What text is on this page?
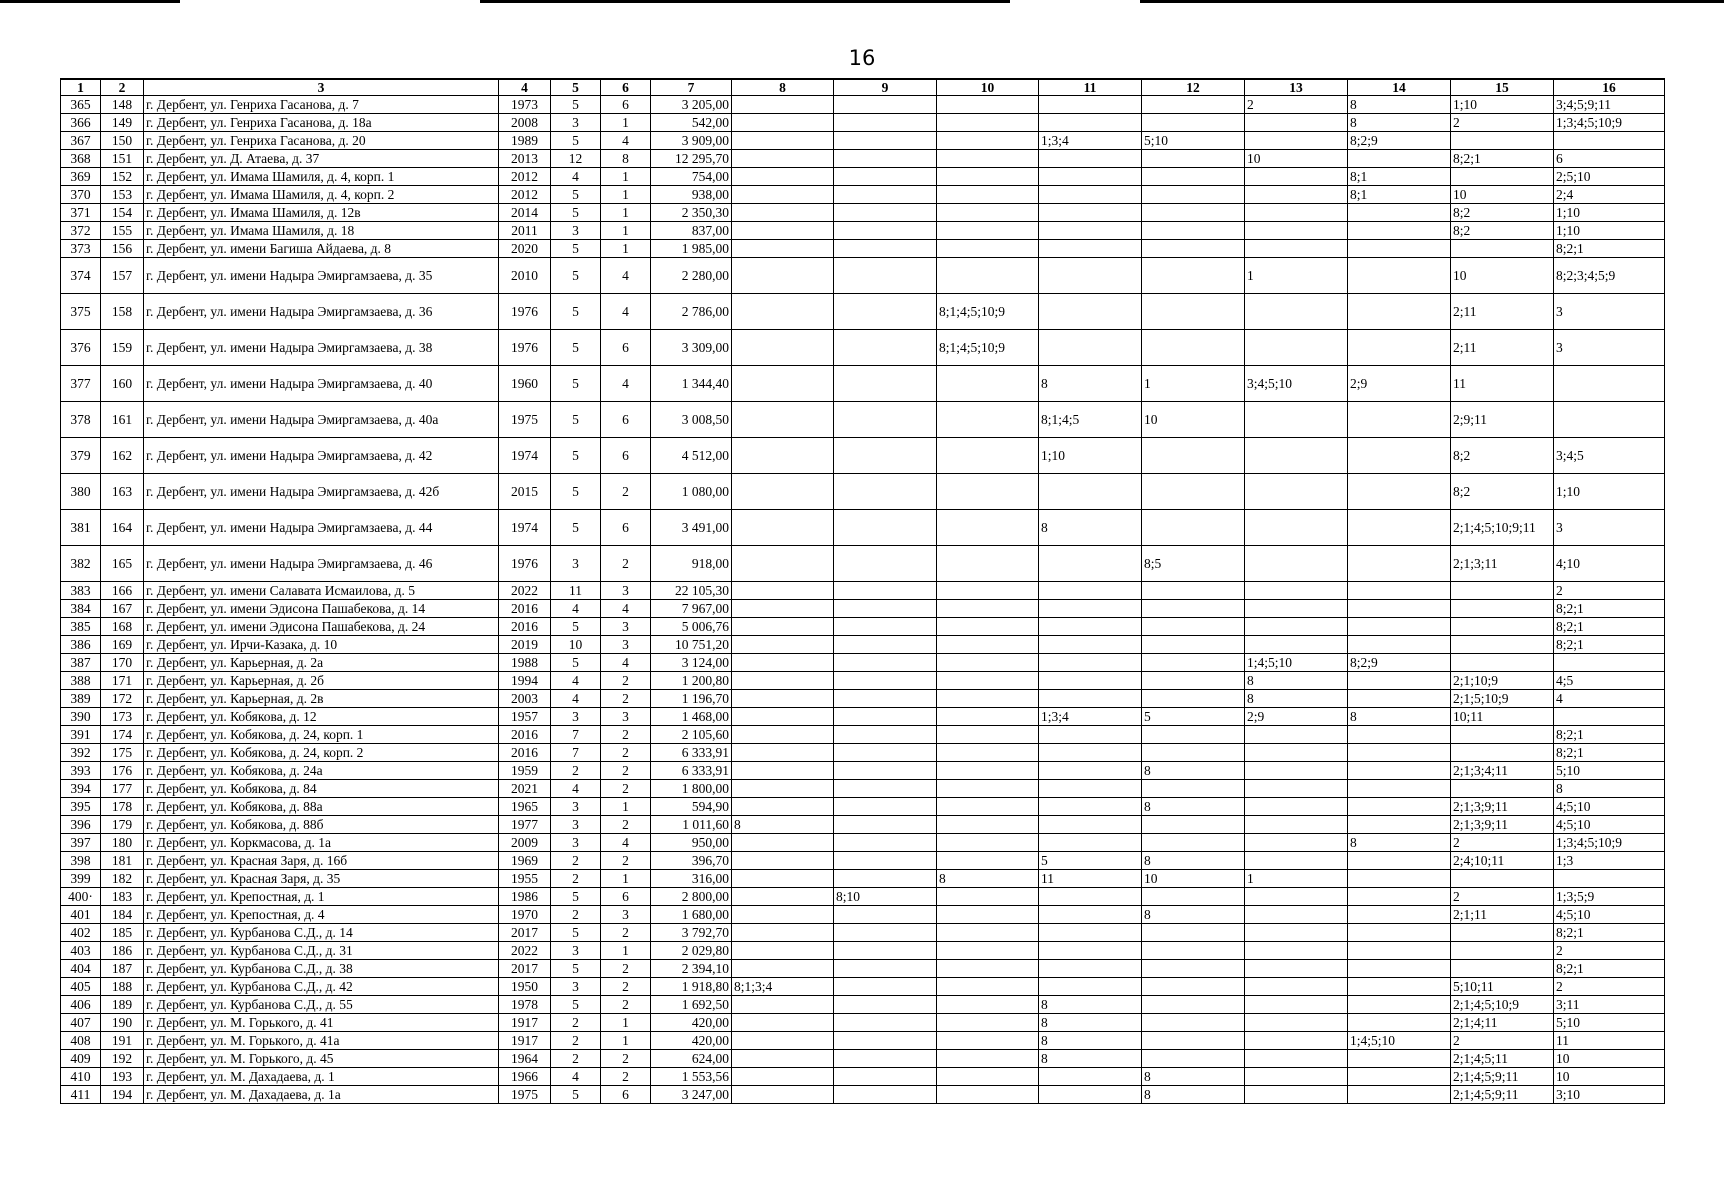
16
1	2	3	4	5	6	7	8	9	10	11	12	13	14	15	16
365	148	г. Дербент, ул. Генриха Гасанова, д. 7	1973	5	6	3 205,00						2	8	1;10	3;4;5;9;11
366	149	г. Дербент, ул. Генриха Гасанова, д. 18а	2008	3	1	542,00							8	2	1;3;4;5;10;9
367	150	г. Дербент, ул. Генриха Гасанова, д. 20	1989	5	4	3 909,00				1;3;4	5;10		8;2;9		
368	151	г. Дербент, ул. Д. Атаева, д. 37	2013	12	8	12 295,70						10		8;2;1	6
369	152	г. Дербент, ул. Имама Шамиля, д. 4, корп. 1	2012	4	1	754,00							8;1		2;5;10
370	153	г. Дербент, ул. Имама Шамиля, д. 4, корп. 2	2012	5	1	938,00							8;1	10	2;4
371	154	г. Дербент, ул. Имама Шамиля, д. 12в	2014	5	1	2 350,30								8;2	1;10
372	155	г. Дербент, ул. Имама Шамиля, д. 18	2011	3	1	837,00								8;2	1;10
373	156	г. Дербент, ул. имени Багиша Айдаева, д. 8	2020	5	1	1 985,00									8;2;1
374	157	г. Дербент, ул. имени Надыра Эмиргамзаева, д. 35	2010	5	4	2 280,00						1		10	8;2;3;4;5;9
375	158	г. Дербент, ул. имени Надыра Эмиргамзаева, д. 36	1976	5	4	2 786,00			8;1;4;5;10;9					2;11	3
376	159	г. Дербент, ул. имени Надыра Эмиргамзаева, д. 38	1976	5	6	3 309,00			8;1;4;5;10;9					2;11	3
377	160	г. Дербент, ул. имени Надыра Эмиргамзаева, д. 40	1960	5	4	1 344,40				8	1	3;4;5;10	2;9	11	
378	161	г. Дербент, ул. имени Надыра Эмиргамзаева, д. 40а	1975	5	6	3 008,50				8;1;4;5	10			2;9;11	
379	162	г. Дербент, ул. имени Надыра Эмиргамзаева, д. 42	1974	5	6	4 512,00				1;10				8;2	3;4;5
380	163	г. Дербент, ул. имени Надыра Эмиргамзаева, д. 42б	2015	5	2	1 080,00								8;2	1;10
381	164	г. Дербент, ул. имени Надыра Эмиргамзаева, д. 44	1974	5	6	3 491,00				8				2;1;4;5;10;9;11	3
382	165	г. Дербент, ул. имени Надыра Эмиргамзаева, д. 46	1976	3	2	918,00					8;5			2;1;3;11	4;10
383	166	г. Дербент, ул. имени Салавата Исмаилова, д. 5	2022	11	3	22 105,30									2
384	167	г. Дербент, ул. имени Эдисона Пашабекова, д. 14	2016	4	4	7 967,00									8;2;1
385	168	г. Дербент, ул. имени Эдисона Пашабекова, д. 24	2016	5	3	5 006,76									8;2;1
386	169	г. Дербент, ул. Ирчи-Казака, д. 10	2019	10	3	10 751,20									8;2;1
387	170	г. Дербент, ул. Карьерная, д. 2а	1988	5	4	3 124,00						1;4;5;10	8;2;9		
388	171	г. Дербент, ул. Карьерная, д. 2б	1994	4	2	1 200,80						8		2;1;10;9	4;5
389	172	г. Дербент, ул. Карьерная, д. 2в	2003	4	2	1 196,70						8		2;1;5;10;9	4
390	173	г. Дербент, ул. Кобякова, д. 12	1957	3	3	1 468,00				1;3;4	5	2;9	8	10;11	
391	174	г. Дербент, ул. Кобякова, д. 24, корп. 1	2016	7	2	2 105,60									8;2;1
392	175	г. Дербент, ул. Кобякова, д. 24, корп. 2	2016	7	2	6 333,91									8;2;1
393	176	г. Дербент, ул. Кобякова, д. 24а	1959	2	2	6 333,91					8			2;1;3;4;11	5;10
394	177	г. Дербент, ул. Кобякова, д. 84	2021	4	2	1 800,00									8
395	178	г. Дербент, ул. Кобякова, д. 88а	1965	3	1	594,90					8			2;1;3;9;11	4;5;10
396	179	г. Дербент, ул. Кобякова, д. 88б	1977	3	2	1 011,60	8							2;1;3;9;11	4;5;10
397	180	г. Дербент, ул. Коркмасова, д. 1а	2009	3	4	950,00							8	2	1;3;4;5;10;9
398	181	г. Дербент, ул. Красная Заря, д. 16б	1969	2	2	396,70				5	8			2;4;10;11	1;3
399	182	г. Дербент, ул. Красная Заря, д. 35	1955	2	1	316,00			8	11	10	1			
400·	183	г. Дербент, ул. Крепостная, д. 1	1986	5	6	2 800,00		8;10						2	1;3;5;9
401	184	г. Дербент, ул. Крепостная, д. 4	1970	2	3	1 680,00					8			2;1;11	4;5;10
402	185	г. Дербент, ул. Курбанова С.Д., д. 14	2017	5	2	3 792,70									8;2;1
403	186	г. Дербент, ул. Курбанова С.Д., д. 31	2022	3	1	2 029,80									2
404	187	г. Дербент, ул. Курбанова С.Д., д. 38	2017	5	2	2 394,10									8;2;1
405	188	г. Дербент, ул. Курбанова С.Д., д. 42	1950	3	2	1 918,80	8;1;3;4							5;10;11	2
406	189	г. Дербент, ул. Курбанова С.Д., д. 55	1978	5	2	1 692,50				8				2;1;4;5;10;9	3;11
407	190	г. Дербент, ул. М. Горького, д. 41	1917	2	1	420,00				8				2;1;4;11	5;10
408	191	г. Дербент, ул. М. Горького, д. 41а	1917	2	1	420,00				8			1;4;5;10	2	11
409	192	г. Дербент, ул. М. Горького, д. 45	1964	2	2	624,00				8				2;1;4;5;11	10
410	193	г. Дербент, ул. М. Дахадаева, д. 1	1966	4	2	1 553,56					8			2;1;4;5;9;11	10
411	194	г. Дербент, ул. М. Дахадаева, д. 1а	1975	5	6	3 247,00					8			2;1;4;5;9;11	3;10
